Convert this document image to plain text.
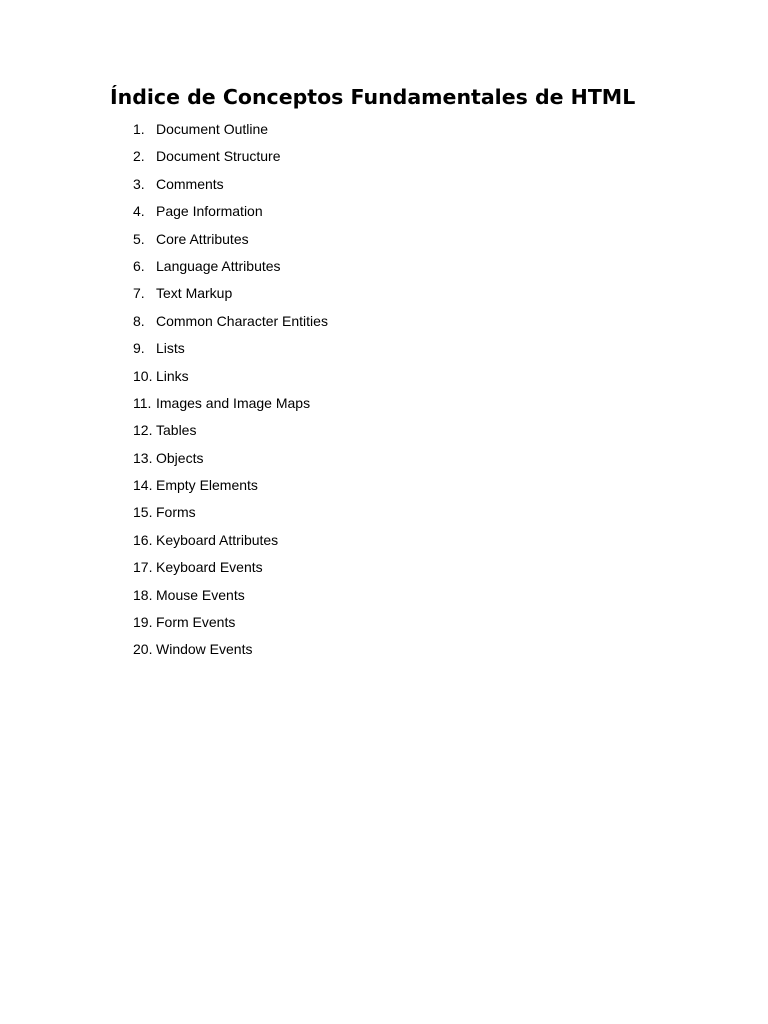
Índice de Conceptos Fundamentales de HTML
1. Document Outline
2. Document Structure
3. Comments
4. Page Information
5. Core Attributes
6. Language Attributes
7. Text Markup
8. Common Character Entities
9. Lists
10. Links
11. Images and Image Maps
12. Tables
13. Objects
14. Empty Elements
15. Forms
16. Keyboard Attributes
17. Keyboard Events
18. Mouse Events
19. Form Events
20. Window Events
